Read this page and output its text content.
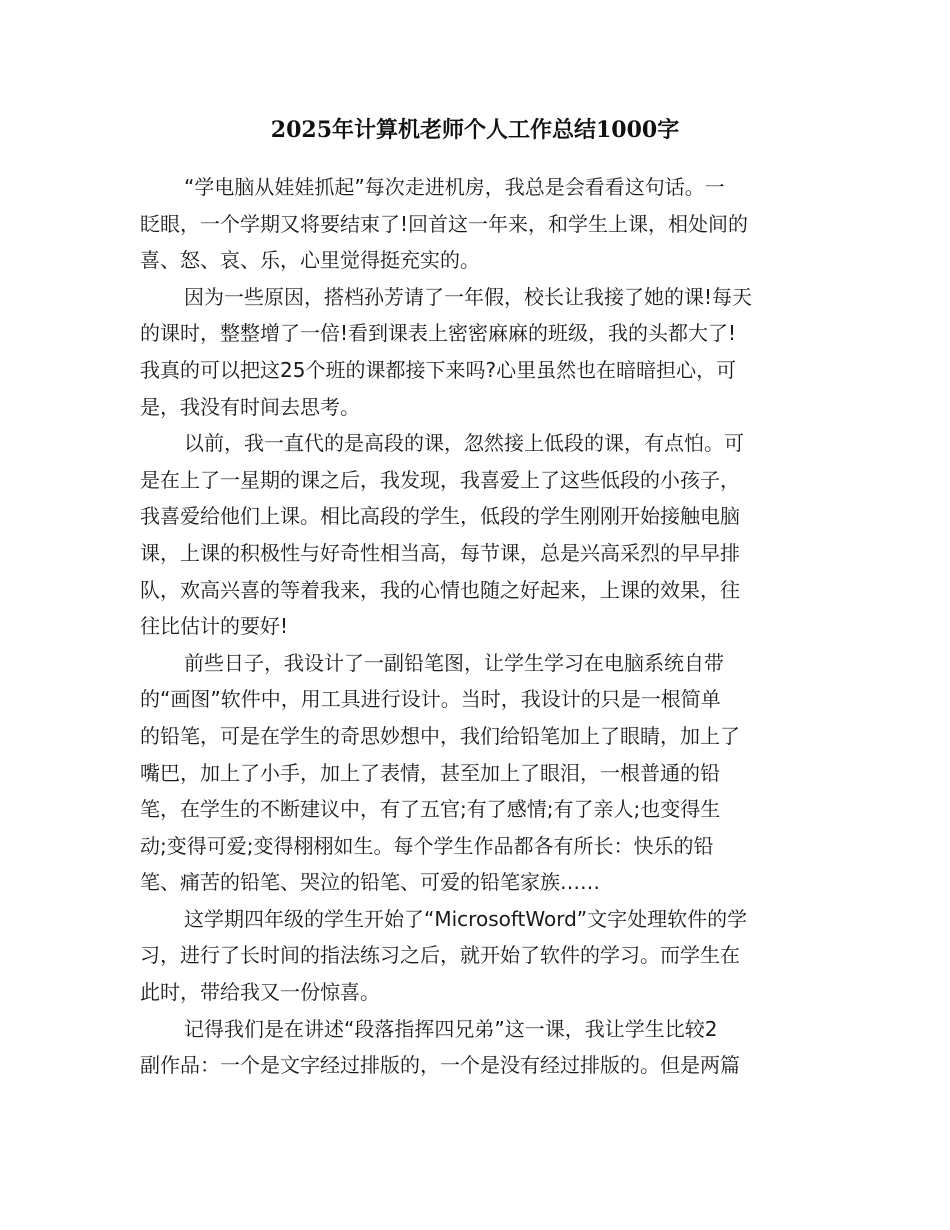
2025年计算机老师个人工作总结1000字
“学电脑从娃娃抓起”每次走进机房，我总是会看看这句话。一
眨眼，一个学期又将要结束了!回首这一年来，和学生上课，相处间的
喜、怒、哀、乐，心里觉得挺充实的。
因为一些原因，搭档孙芳请了一年假，校长让我接了她的课!每天
的课时，整整增了一倍!看到课表上密密麻麻的班级，我的头都大了!
我真的可以把这25个班的课都接下来吗?心里虽然也在暗暗担心，可
是，我没有时间去思考。
以前，我一直代的是高段的课，忽然接上低段的课，有点怕。可
是在上了一星期的课之后，我发现，我喜爱上了这些低段的小孩子，
我喜爱给他们上课。相比高段的学生，低段的学生刚刚开始接触电脑
课，上课的积极性与好奇性相当高，每节课，总是兴高采烈的早早排
队，欢高兴喜的等着我来，我的心情也随之好起来，上课的效果，往
往比估计的要好!
前些日子，我设计了一副铅笔图，让学生学习在电脑系统自带
的“画图”软件中，用工具进行设计。当时，我设计的只是一根简单
的铅笔，可是在学生的奇思妙想中，我们给铅笔加上了眼睛，加上了
嘴巴，加上了小手，加上了表情，甚至加上了眼泪，一根普通的铅
笔，在学生的不断建议中，有了五官;有了感情;有了亲人;也变得生
动;变得可爱;变得栩栩如生。每个学生作品都各有所长：快乐的铅
笔、痛苦的铅笔、哭泣的铅笔、可爱的铅笔家族……
这学期四年级的学生开始了“MicrosoftWord”文字处理软件的学
习，进行了长时间的指法练习之后，就开始了软件的学习。而学生在
此时，带给我又一份惊喜。
记得我们是在讲述“段落指挥四兄弟”这一课，我让学生比较2
副作品：一个是文字经过排版的，一个是没有经过排版的。但是两篇
